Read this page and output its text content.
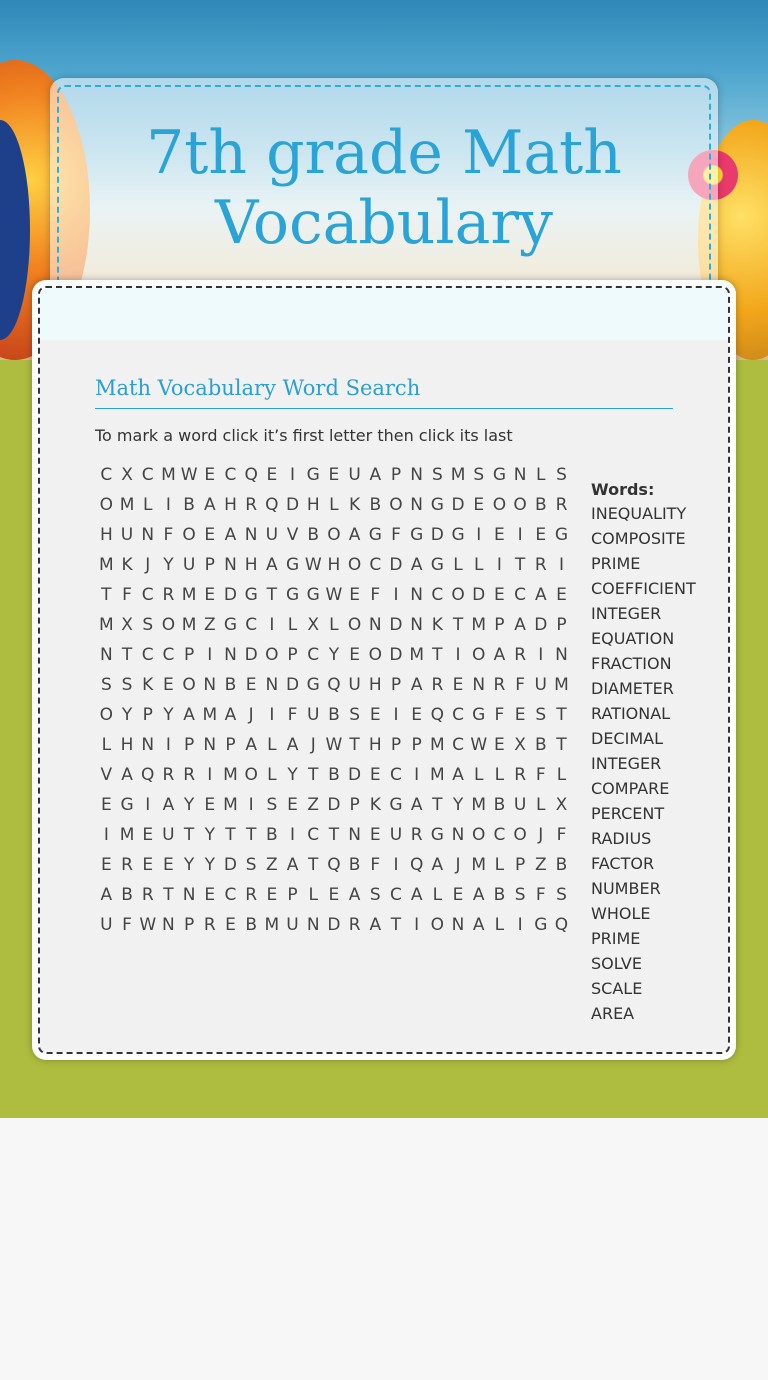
7th grade Math Vocabulary
Math Vocabulary Word Search
To mark a word click it’s first letter then click its last
C X C M W E C Q E I G E U A P N S M S G N L S
O M L I B A H R Q D H L K B O N G D E O O B R
H U N F O E A N U V B O A G F G D G I E I E G
M K J Y U P N H A G W H O C D A G L L I T R I
T F C R M E D G T G G W E F I N C O D E C A E
M X S O M Z G C I L X L O N D N K T M P A D P
N T C C P I N D O P C Y E O D M T I O A R I N
S S K E O N B E N D G Q U H P A R E N R F U M
O Y P Y A M A J I F U B S E I E Q C G F E S T
L H N I P N P A L A J W T H P P M C W E X B T
V A Q R R I M O L Y T B D E C I M A L L R F L
E G I A Y E M I S E Z D P K G A T Y M B U L X
I M E U T Y T T B I C T N E U R G N O C O J F
E R E E Y Y D S Z A T Q B F I Q A J M L P Z B
A B R T N E C R E P L E A S C A L E A B S F S
U F W N P R E B M U N D R A T I O N A L I G Q
Words:
INEQUALITY
COMPOSITE
PRIME
COEFFICIENT
INTEGER
EQUATION
FRACTION
DIAMETER
RATIONAL
DECIMAL
INTEGER
COMPARE
PERCENT
RADIUS
FACTOR
NUMBER
WHOLE
PRIME
SOLVE
SCALE
AREA
